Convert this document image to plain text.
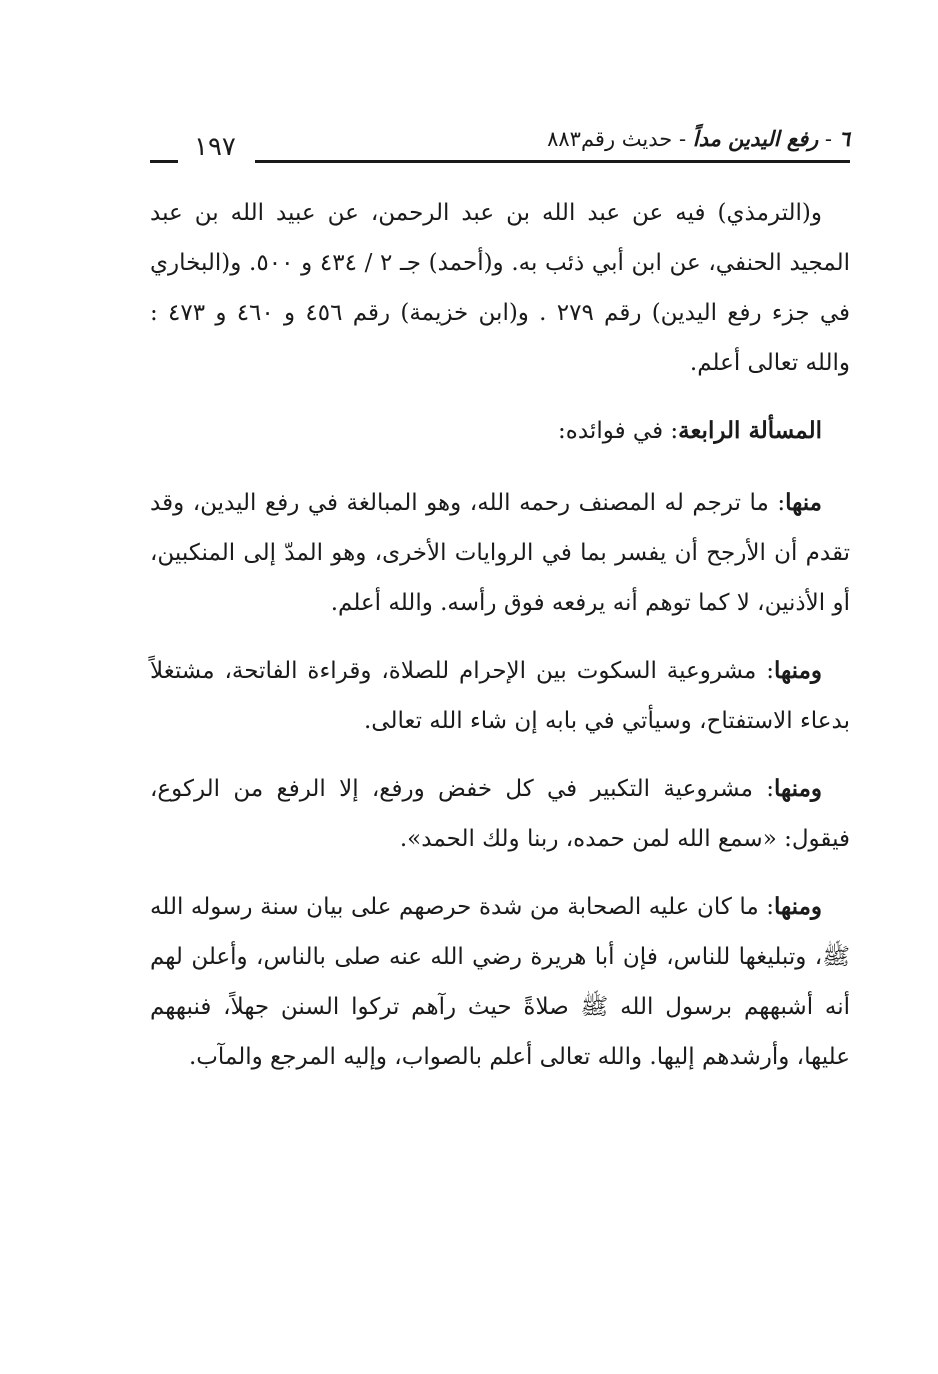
٦ - رفع اليدين مداً - حديث رقم٨٨٣
١٩٧

و(الترمذي) فيه عن عبد الله بن عبد الرحمن، عن عبيد الله بن عبد المجيد الحنفي، عن ابن أبي ذئب به. و(أحمد) جـ ٢ / ٤٣٤ و ٥٠٠. و(البخاري في جزء رفع اليدين) رقم ٢٧٩ . و(ابن خزيمة) رقم ٤٥٦ و ٤٦٠ و ٤٧٣ : والله تعالى أعلم.

المسألة الرابعة: في فوائده:

منها: ما ترجم له المصنف رحمه الله، وهو المبالغة في رفع اليدين، وقد تقدم أن الأرجح أن يفسر بما في الروايات الأخرى، وهو المدّ إلى المنكبين، أو الأذنين، لا كما توهم أنه يرفعه فوق رأسه. والله أعلم.

ومنها: مشروعية السكوت بين الإحرام للصلاة، وقراءة الفاتحة، مشتغلاً بدعاء الاستفتاح، وسيأتي في بابه إن شاء الله تعالى.

ومنها: مشروعية التكبير في كل خفض ورفع، إلا الرفع من الركوع، فيقول: «سمع الله لمن حمده، ربنا ولك الحمد».

ومنها: ما كان عليه الصحابة من شدة حرصهم على بيان سنة رسوله الله ﷺ، وتبليغها للناس، فإن أبا هريرة رضي الله عنه صلى بالناس، وأعلن لهم أنه أشبههم برسول الله ﷺ صلاةً حيث رآهم تركوا السنن جهلاً، فنبههم عليها، وأرشدهم إليها. والله تعالى أعلم بالصواب، وإليه المرجع والمآب.
